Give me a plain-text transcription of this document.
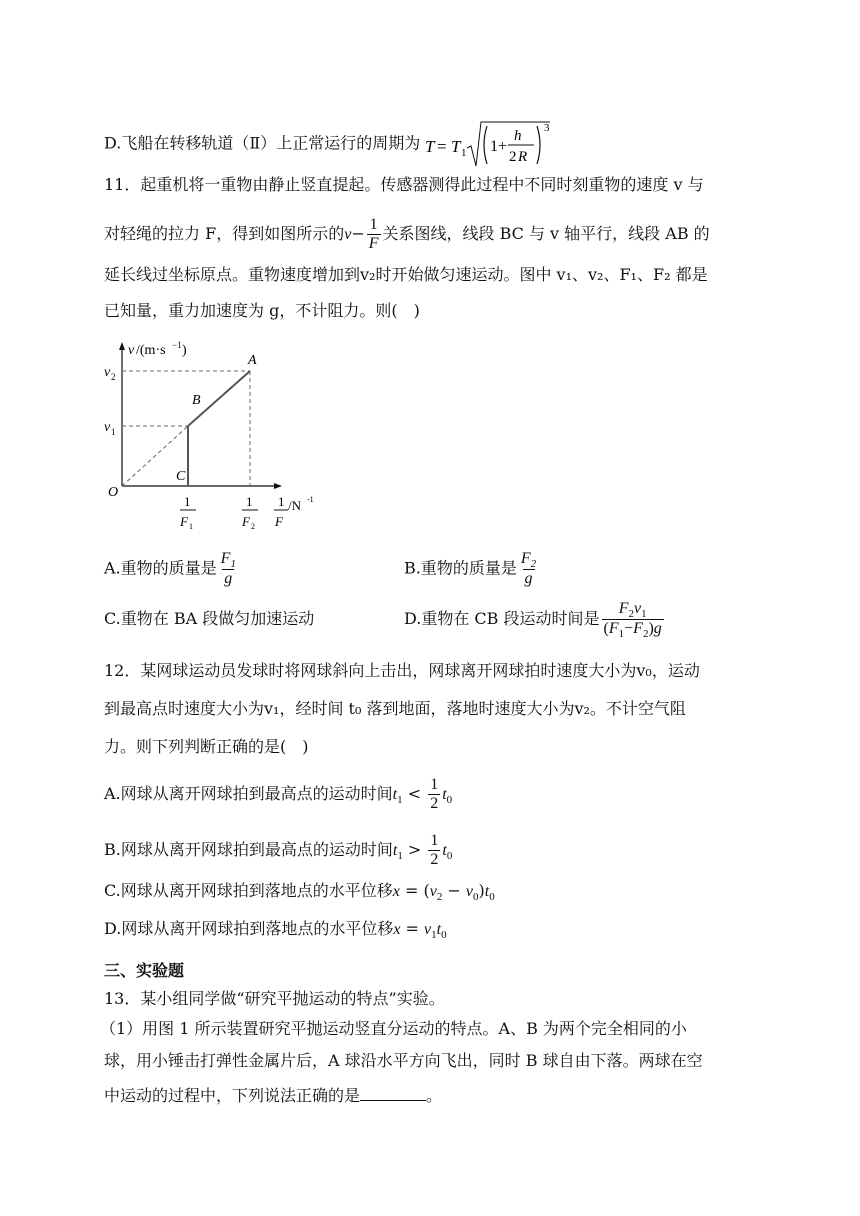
D.飞船在转移轨道（Ⅱ）上正常运行的周期为 T = T 1 1+
h
2 R
3
11．起重机将一重物由静止竖直提起。传感器测得此过程中不同时刻重物的速度 v 与
对轻绳的拉力 F，得到如图所示的$v- \frac{1}{F}$ 关系图线，线段 BC 与 v 轴平行，线段 AB 的
延长线过坐标原点。重物速度增加到v₂时开始做匀速运动。图中 v₁、v₂、F₁、F₂ 都是
已知量，重力加速度为 g，不计阻力。则(　)
v /(m·s −1 )
v 2
v 1
A
B
C
O
1
F 1
1
F 2
1
F
/N -1
A.重物的质量是 $\frac{F_1}{g}$	B.重物的质量是 $\frac{F_2}{g}$
C.重物在 BA 段做匀加速运动	D.重物在 CB 段运动时间是 $\frac{F_2v_1}{(F_1-F_2)g}$
12．某网球运动员发球时将网球斜向上击出，网球离开网球拍时速度大小为v₀，运动
到最高点时速度大小为v₁，经时间 t₀ 落到地面，落地时速度大小为v₂。不计空气阻
力。则下列判断正确的是(　)
A.网球从离开网球拍到最高点的运动时间$t_1 < \frac{1}{2} t_0$
B.网球从离开网球拍到最高点的运动时间$t_1 > \frac{1}{2} t_0$
C.网球从离开网球拍到落地点的水平位移$x = (v_2 - v_0)t_0$
D.网球从离开网球拍到落地点的水平位移$x = v_1t_0$
三、实验题
13．某小组同学做“研究平抛运动的特点”实验。
（1）用图 1 所示装置研究平抛运动竖直分运动的特点。A、B 为两个完全相同的小
球，用小锤击打弹性金属片后，A 球沿水平方向飞出，同时 B 球自由下落。两球在空
中运动的过程中，下列说法正确的是	。
